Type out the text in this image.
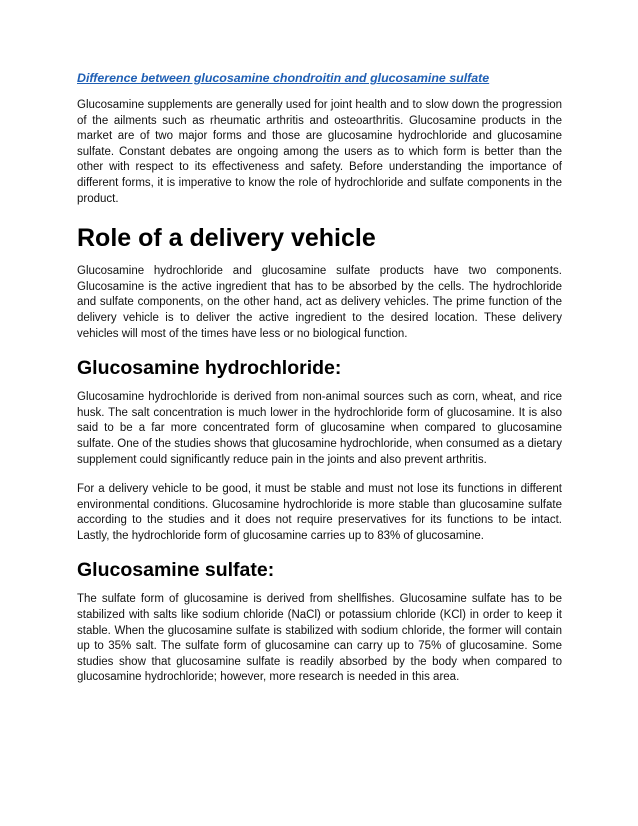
Difference between glucosamine chondroitin and glucosamine sulfate

Glucosamine supplements are generally used for joint health and to slow down the progression of the ailments such as rheumatic arthritis and osteoarthritis. Glucosamine products in the market are of two major forms and those are glucosamine hydrochloride and glucosamine sulfate. Constant debates are ongoing among the users as to which form is better than the other with respect to its effectiveness and safety. Before understanding the importance of different forms, it is imperative to know the role of hydrochloride and sulfate components in the product.

Role of a delivery vehicle

Glucosamine hydrochloride and glucosamine sulfate products have two components. Glucosamine is the active ingredient that has to be absorbed by the cells. The hydrochloride and sulfate components, on the other hand, act as delivery vehicles. The prime function of the delivery vehicle is to deliver the active ingredient to the desired location. These delivery vehicles will most of the times have less or no biological function.

Glucosamine hydrochloride:

Glucosamine hydrochloride is derived from non-animal sources such as corn, wheat, and rice husk. The salt concentration is much lower in the hydrochloride form of glucosamine. It is also said to be a far more concentrated form of glucosamine when compared to glucosamine sulfate. One of the studies shows that glucosamine hydrochloride, when consumed as a dietary supplement could significantly reduce pain in the joints and also prevent arthritis.

For a delivery vehicle to be good, it must be stable and must not lose its functions in different environmental conditions. Glucosamine hydrochloride is more stable than glucosamine sulfate according to the studies and it does not require preservatives for its functions to be intact. Lastly, the hydrochloride form of glucosamine carries up to 83% of glucosamine.

Glucosamine sulfate:

The sulfate form of glucosamine is derived from shellfishes. Glucosamine sulfate has to be stabilized with salts like sodium chloride (NaCl) or potassium chloride (KCl) in order to keep it stable. When the glucosamine sulfate is stabilized with sodium chloride, the former will contain up to 35% salt. The sulfate form of glucosamine can carry up to 75% of glucosamine. Some studies show that glucosamine sulfate is readily absorbed by the body when compared to glucosamine hydrochloride; however, more research is needed in this area.
